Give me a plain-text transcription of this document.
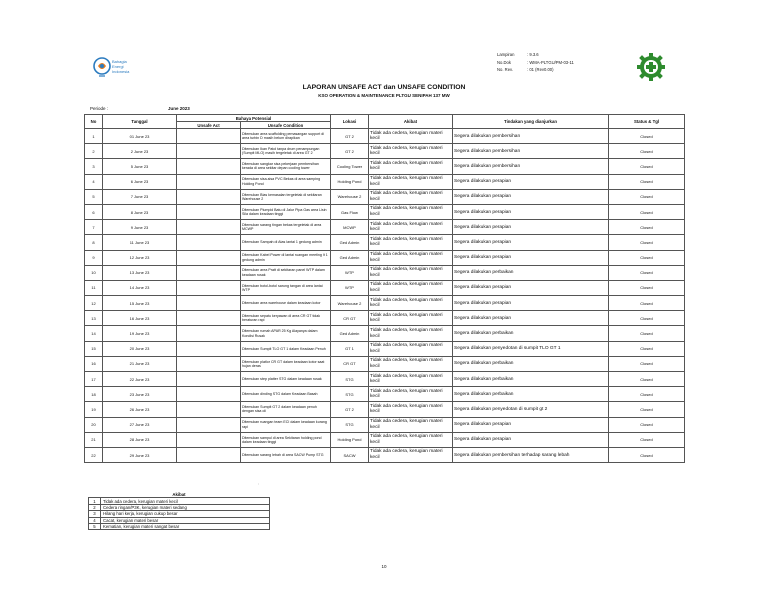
Bahagia
Energi
Indonesia
Lampiran	: 9.3.6
No.Dok	: WMA-PLTGU/PM-03-11
No. Rev.	: 01 (Rev0.00)
LAPORAN UNSAFE ACT dan UNSAFE CONDITION
KSO OPERATION & MAINTENANCE PLTGU SENIPAH 137 MW
Periode :	June 2023
No	Tanggal	Bahaya Potensial		Lokasi	Akibat	Tindakan yang dianjurkan	Status & Tgl
		Unsafe Act	Unsafe Condition				
1	01 June 23		Ditemukan area scaffolding pemasangan support di area turbin D masih belum dirapikan	GT 2	Tidak ada cedera, kerugian materi kecil	Segera dilakukan pembersihan	Closed
2	2 June 23		Ditemukan Ikan Patol tanpa drum penampungan (Sumpit MLO) masih tergeletak di area GT 2	GT 2	Tidak ada cedera, kerugian materi kecil	Segera dilakukan pembersihan	Closed
3	5 June 23		Ditemukan sangkar sisa pekerjaan pembersihan kerada di area sekitar depan cooling tower	Cooling Tower	Tidak ada cedera, kerugian materi kecil	Segera dilakukan pembersihan	Closed
4	6 June 23		Ditemukan sisa-sisa PVC Bekas di area samping Holding Pond	Holding Pond	Tidak ada cedera, kerugian materi kecil	Segera dilakukan perapian	Closed
5	7 June 23		Ditemukan Bias kemasalan tergeletak di sekitaran Warehouse 2	Warehouse 2	Tidak ada cedera, kerugian materi kecil	Segera dilakukan perapian	Closed
6	8 June 23		Ditemukan Plumpid Batu di Jalur Pipa Gas area Lisin Sila dalam keadaan tinggi	Gas Flow	Tidak ada cedera, kerugian materi kecil	Segera dilakukan perapian	Closed
7	9 June 23		Ditemukan sarang tingan bekas tergeletak di area MCWP	MCWP	Tidak ada cedera, kerugian materi kecil	Segera dilakukan perapian	Closed
8	11 June 23		Ditemukan Sampah di Atas lantai 1 gedung admin	Ged Admin	Tidak ada cedera, kerugian materi kecil	Segera dilakukan perapian	Closed
9	12 June 23		Ditemukan Kabel Power di lantai ruangan meeting lt 1 gedung admin	Ged Admin	Tidak ada cedera, kerugian materi kecil	Segera dilakukan perapian	Closed
10	13 June 23		Ditemukan area Pratt di sekitaran panel WTP dalam keadaan rusak	WTP	Tidak ada cedera, kerugian materi kecil	Segera dilakukan perbaikan	Closed
11	14 June 23		Ditemukan botol-botol sarung tangan di area lantai WTP	WTP	Tidak ada cedera, kerugian materi kecil	Segera dilakukan perapian	Closed
12	15 June 23		Ditemukan area warehouse dalam keadaan kotor	Warehouse 2	Tidak ada cedera, kerugian materi kecil	Segera dilakukan perapian	Closed
13	16 June 23		Ditemukan sepatu keryawan di area CR GT tidak beraturan rapi	CR GT	Tidak ada cedera, kerugian materi kecil	Segera dilakukan perapian	Closed
14	19 June 23		Ditemukan rumah APAR 25 Kg Alayanya dalam Kondisi Rusak	Ged Admin	Tidak ada cedera, kerugian materi kecil	Segera dilakukan perbaikan	Closed
15	20 June 23		Ditemukan Sumpit TLO GT 1 dalam Keadaan Penuh	GT 1	Tidak ada cedera, kerugian materi kecil	Segera dilakukan penyedotan di sumpit TLO GT 1	Closed
16	21 June 23		Ditemukan platlor CR GT dalam keadaan kotor saat hujan deras	CR GT	Tidak ada cedera, kerugian materi kecil	Segera dilakukan perbaikan	Closed
17	22 June 23		Ditemukan step platter STG dalam keadaan rusak	STG	Tidak ada cedera, kerugian materi kecil	Segera dilakukan perbaikan	Closed
18	23 June 23		Ditemukan dinding STG dalam Keadaan Basah	STG	Tidak ada cedera, kerugian materi kecil	Segera dilakukan perbaikan	Closed
19	26 June 23		Ditemukan Sumpit GT 2 dalam keadaan penuh dengan sisa oli	GT 2	Tidak ada cedera, kerugian materi kecil	Segera dilakukan penyedotan di sumpit gt 2	Closed
20	27 June 23		Ditemukan ruangan team ECI dalam keadaan kurang rapi	STG	Tidak ada cedera, kerugian materi kecil	Segera dilakukan perapian	Closed
21	28 June 23		Ditemukan sampul di area Sekitaran holding pond dalam keadaan tinggi	Holding Pond	Tidak ada cedera, kerugian materi kecil	Segera dilakukan perapian	Closed
22	29 June 23		Ditemukan sarang lebah di area SACW Pump STG	SACW	Tidak ada cedera, kerugian materi kecil	Segera dilakukan pembersihan terhadap sarang lebah	Closed
:
Akibat	
1	Tidak ada cedera, kerugian materi kecil
2	Cedera ringan/P3K, kerugian materi sedang
3	Hilang hari kerja, kerugian cukup besar
4	Cacat, kerugian materi besar
5	Kematian, kerugian materi sangat besar
10
